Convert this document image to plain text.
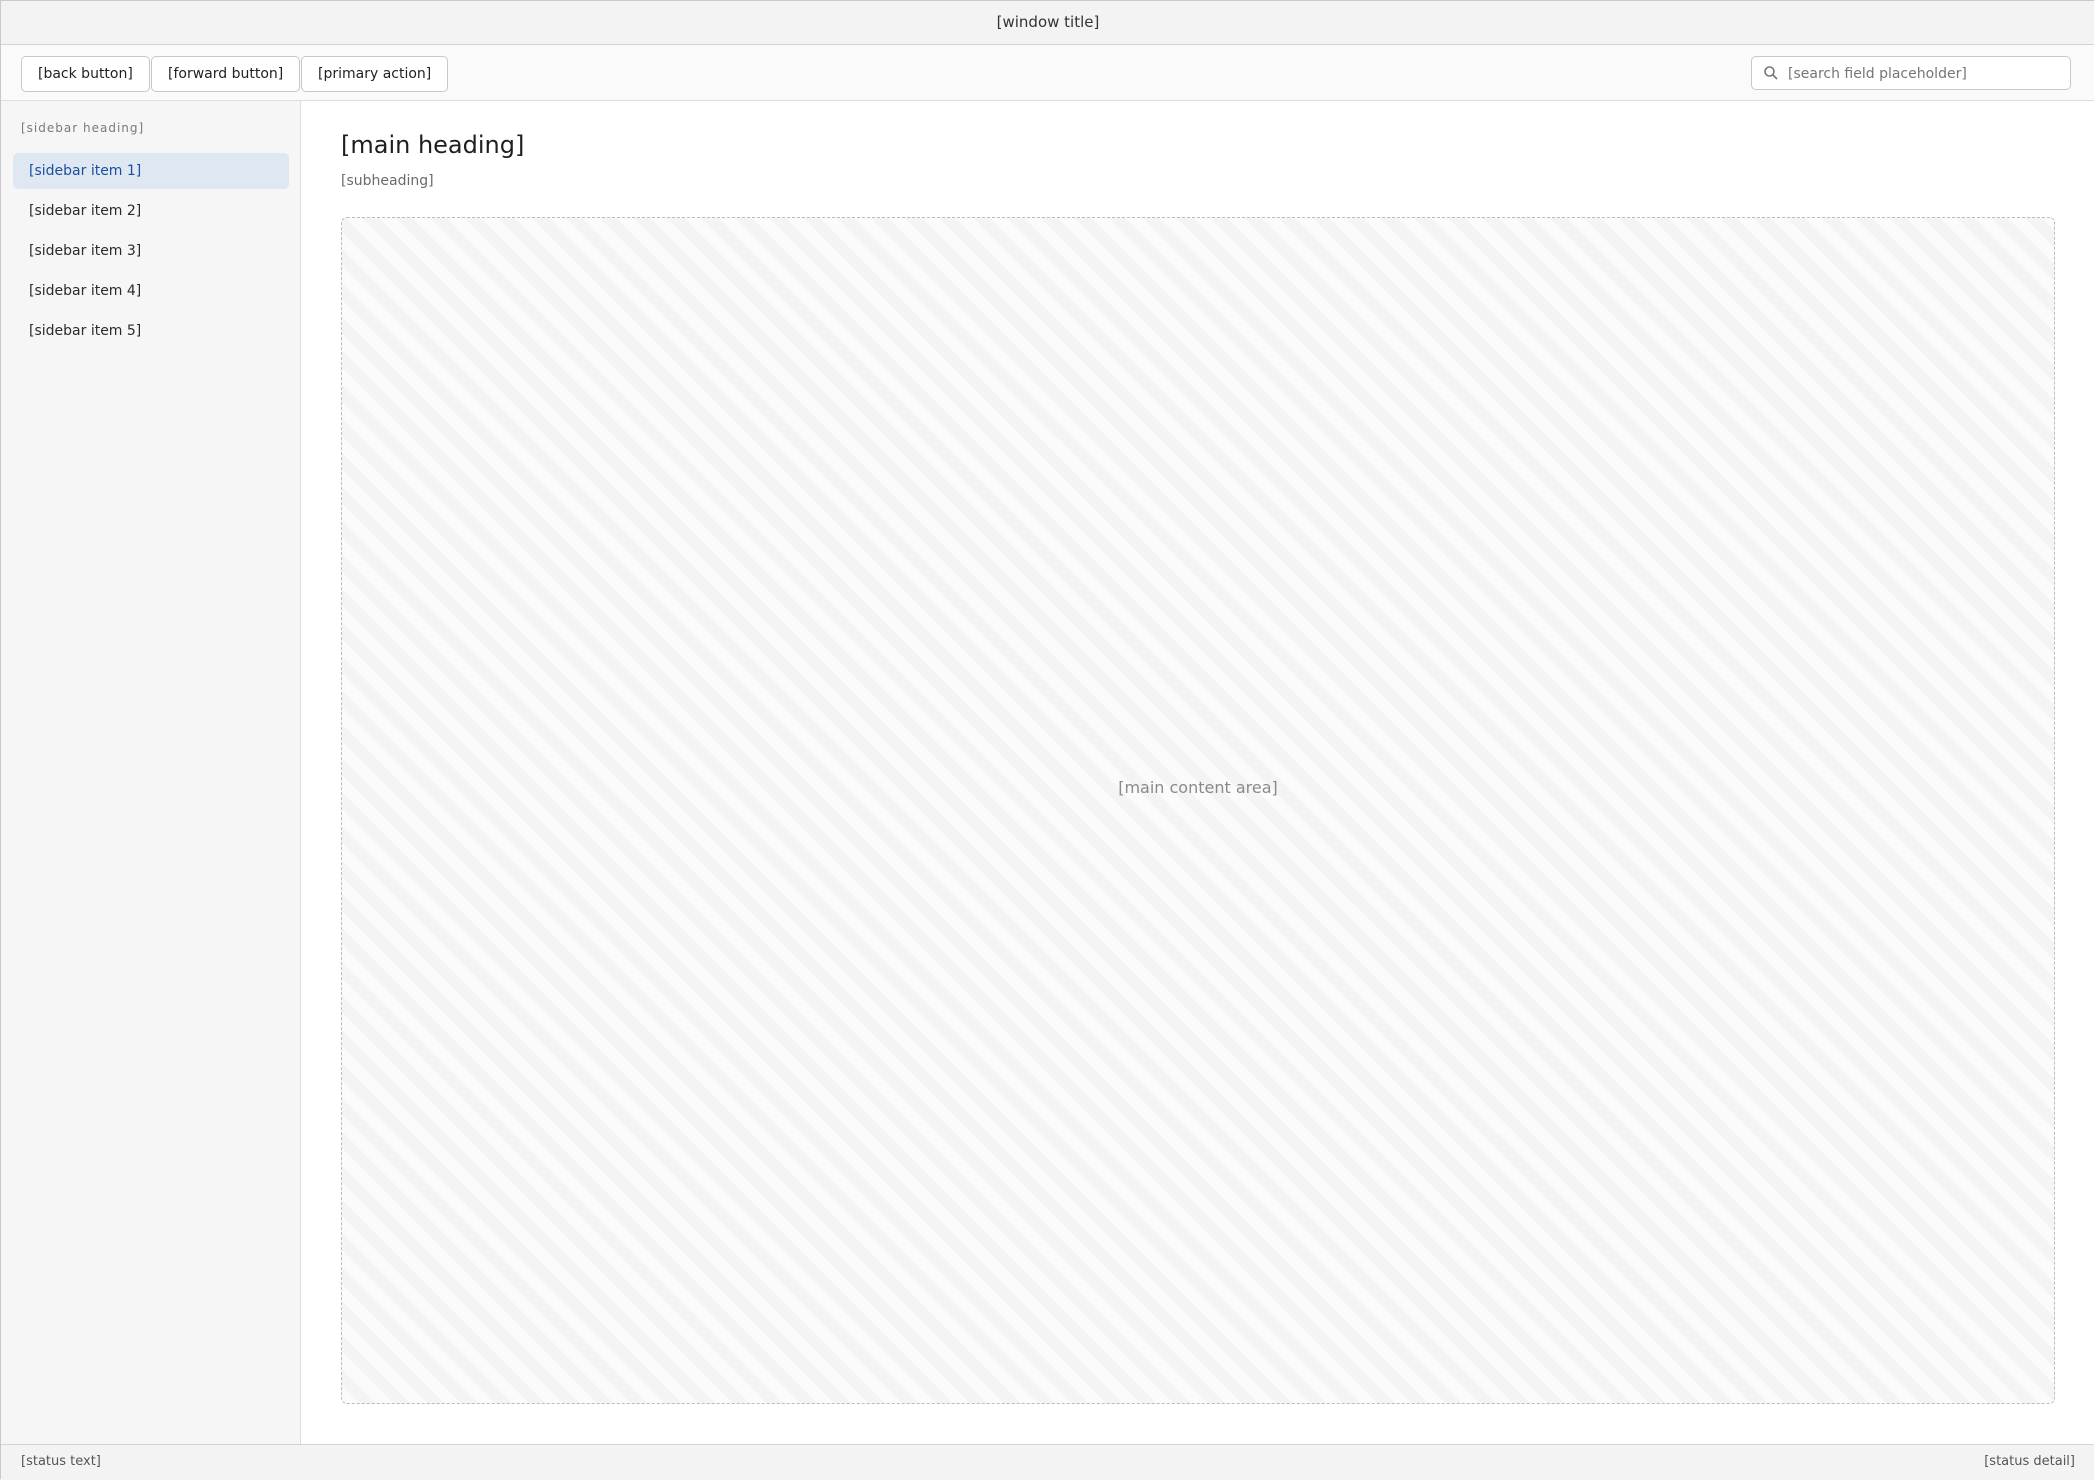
[window title]
[back button]	[forward button]	[primary action]
[search field placeholder]
[sidebar heading]
[sidebar item 1]
[sidebar item 2]
[sidebar item 3]
[sidebar item 4]
[sidebar item 5]
[main heading]
[subheading]
[main content area]
[status text]	[status detail]
